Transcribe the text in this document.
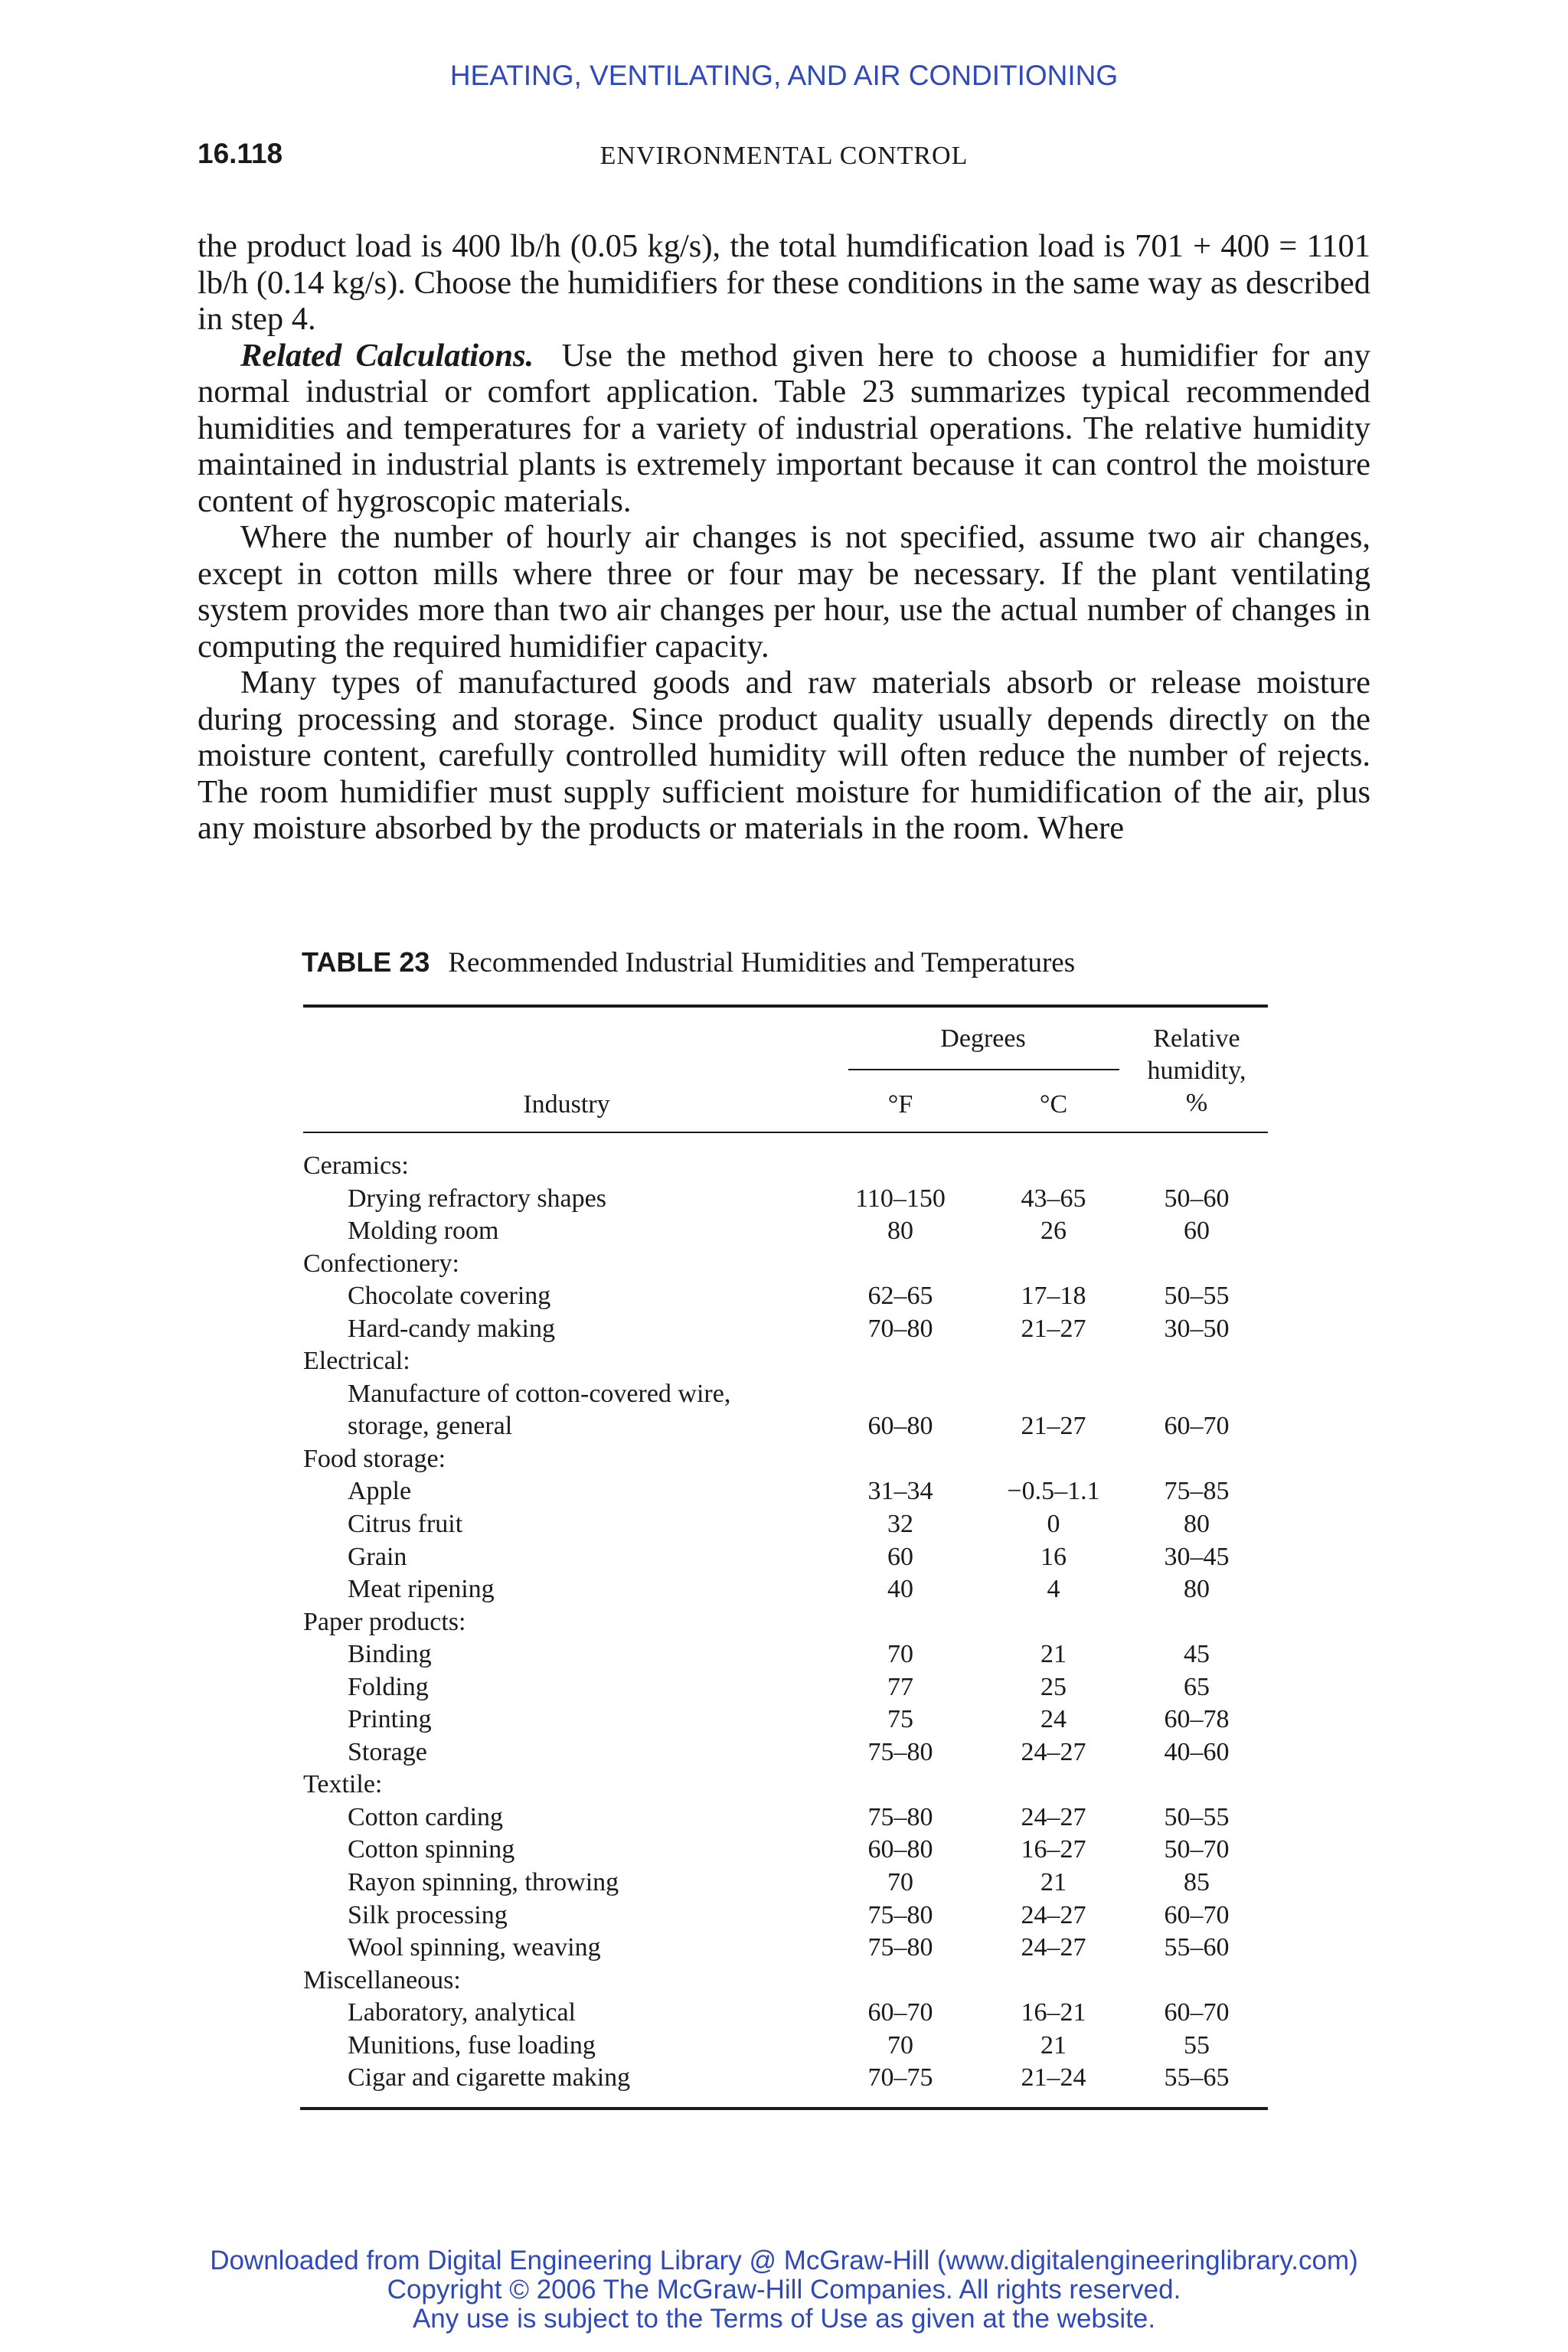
HEATING, VENTILATING, AND AIR CONDITIONING
16.118	ENVIRONMENTAL CONTROL

the product load is 400 lb/h (0.05 kg/s), the total humdification load is 701 + 400 = 1101 lb/h (0.14 kg/s). Choose the humidifiers for these conditions in the same way as described in step 4.

Related Calculations. Use the method given here to choose a humidifier for any normal industrial or comfort application. Table 23 summarizes typical recommended humidities and temperatures for a variety of industrial operations. The relative humidity maintained in industrial plants is extremely important because it can control the moisture content of hygroscopic materials.

Where the number of hourly air changes is not specified, assume two air changes, except in cotton mills where three or four may be necessary. If the plant ventilating system provides more than two air changes per hour, use the actual number of changes in computing the required humidifier capacity.

Many types of manufactured goods and raw materials absorb or release moisture during processing and storage. Since product quality usually depends directly on the moisture content, carefully controlled humidity will often reduce the number of rejects. The room humidifier must supply sufficient moisture for humidification of the air, plus any moisture absorbed by the products or materials in the room. Where

TABLE 23 Recommended Industrial Humidities and Temperatures
Degrees	Relative
humidity,
%
Industry	°F	°C
Ceramics:
Drying refractory shapes	110–150	43–65	50–60
Molding room	80	26	60
Confectionery:
Chocolate covering	62–65	17–18	50–55
Hard-candy making	70–80	21–27	30–50
Electrical:
Manufacture of cotton-covered wire,
storage, general	60–80	21–27	60–70
Food storage:
Apple	31–34	−0.5–1.1	75–85
Citrus fruit	32	0	80
Grain	60	16	30–45
Meat ripening	40	4	80
Paper products:
Binding	70	21	45
Folding	77	25	65
Printing	75	24	60–78
Storage	75–80	24–27	40–60
Textile:
Cotton carding	75–80	24–27	50–55
Cotton spinning	60–80	16–27	50–70
Rayon spinning, throwing	70	21	85
Silk processing	75–80	24–27	60–70
Wool spinning, weaving	75–80	24–27	55–60
Miscellaneous:
Laboratory, analytical	60–70	16–21	60–70
Munitions, fuse loading	70	21	55
Cigar and cigarette making	70–75	21–24	55–65
Downloaded from Digital Engineering Library @ McGraw-Hill (www.digitalengineeringlibrary.com)
Copyright © 2006 The McGraw-Hill Companies. All rights reserved.
Any use is subject to the Terms of Use as given at the website.
